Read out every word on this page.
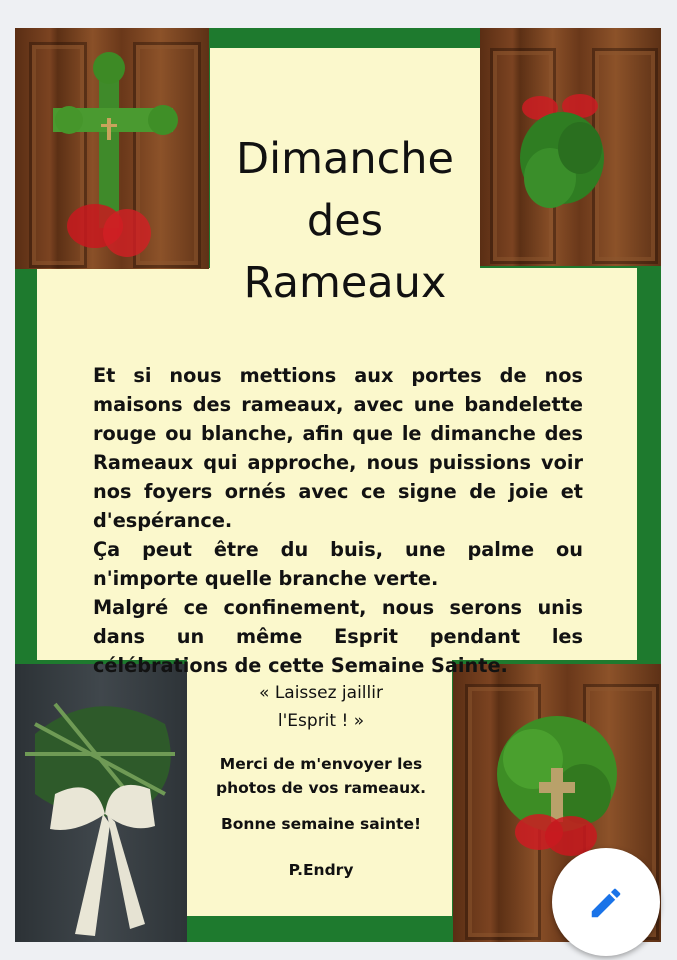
Dimanche
des
Rameaux

Et si nous mettions aux portes de nos maisons des rameaux, avec une bandelette rouge ou blanche, afin que le dimanche des Rameaux qui approche, nous puissions voir nos foyers ornés avec ce signe de joie et d'espérance.

Ça peut être du buis, une palme ou n'importe quelle branche verte.

Malgré ce confinement, nous serons unis dans un même Esprit pendant les célébrations de cette Semaine Sainte.

« Laissez jaillir
l'Esprit ! »
Merci de m'envoyer les
photos de vos rameaux.
Bonne semaine sainte!
P.Endry
